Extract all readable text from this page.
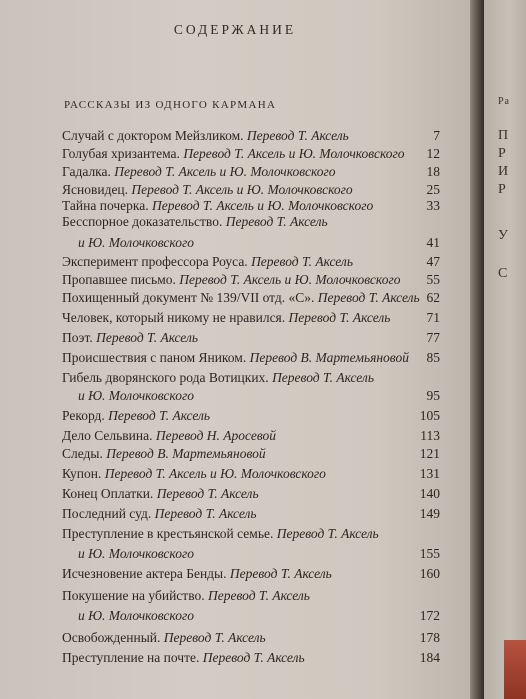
СОДЕРЖАНИЕ
РАССКАЗЫ ИЗ ОДНОГО КАРМАНА
Случай с доктором Мейзликом. Перевод Т. Аксель	7
Голубая хризантема. Перевод Т. Аксель и Ю. Молочковского 12
Гадалка. Перевод Т. Аксель и Ю. Молочковского	18
Ясновидец. Перевод Т. Аксель и Ю. Молочковского	25
Тайна почерка. Перевод Т. Аксель и Ю. Молочковского	33
Бесспорное доказательство. Перевод Т. Аксель
и Ю. Молочковского	41
Эксперимент профессора Роуса. Перевод Т. Аксель	47
Пропавшее письмо. Перевод Т. Аксель и Ю. Молочковского 55
Похищенный документ № 139/VII отд. «С». Перевод Т. Аксель 62
Человек, который никому не нравился. Перевод Т. Аксель	71
Поэт. Перевод Т. Аксель	77
Происшествия с паном Яником. Перевод В. Мартемьяновой 85
Гибель дворянского рода Вотицких. Перевод Т. Аксель
и Ю. Молочковского	95
Рекорд. Перевод Т. Аксель	105
Дело Сельвина. Перевод Н. Аросевой	113
Следы. Перевод В. Мартемьяновой	121
Купон. Перевод Т. Аксель и Ю. Молочковского	131
Конец Оплатки. Перевод Т. Аксель	140
Последний суд. Перевод Т. Аксель	149
Преступление в крестьянской семье. Перевод Т. Аксель
и Ю. Молочковского	155
Исчезновение актера Бенды. Перевод Т. Аксель	160
Покушение на убийство. Перевод Т. Аксель
и Ю. Молочковского	172
Освобожденный. Перевод Т. Аксель	178
Преступление на почте. Перевод Т. Аксель	184
Ра
П
Р
И
Р
У
С
